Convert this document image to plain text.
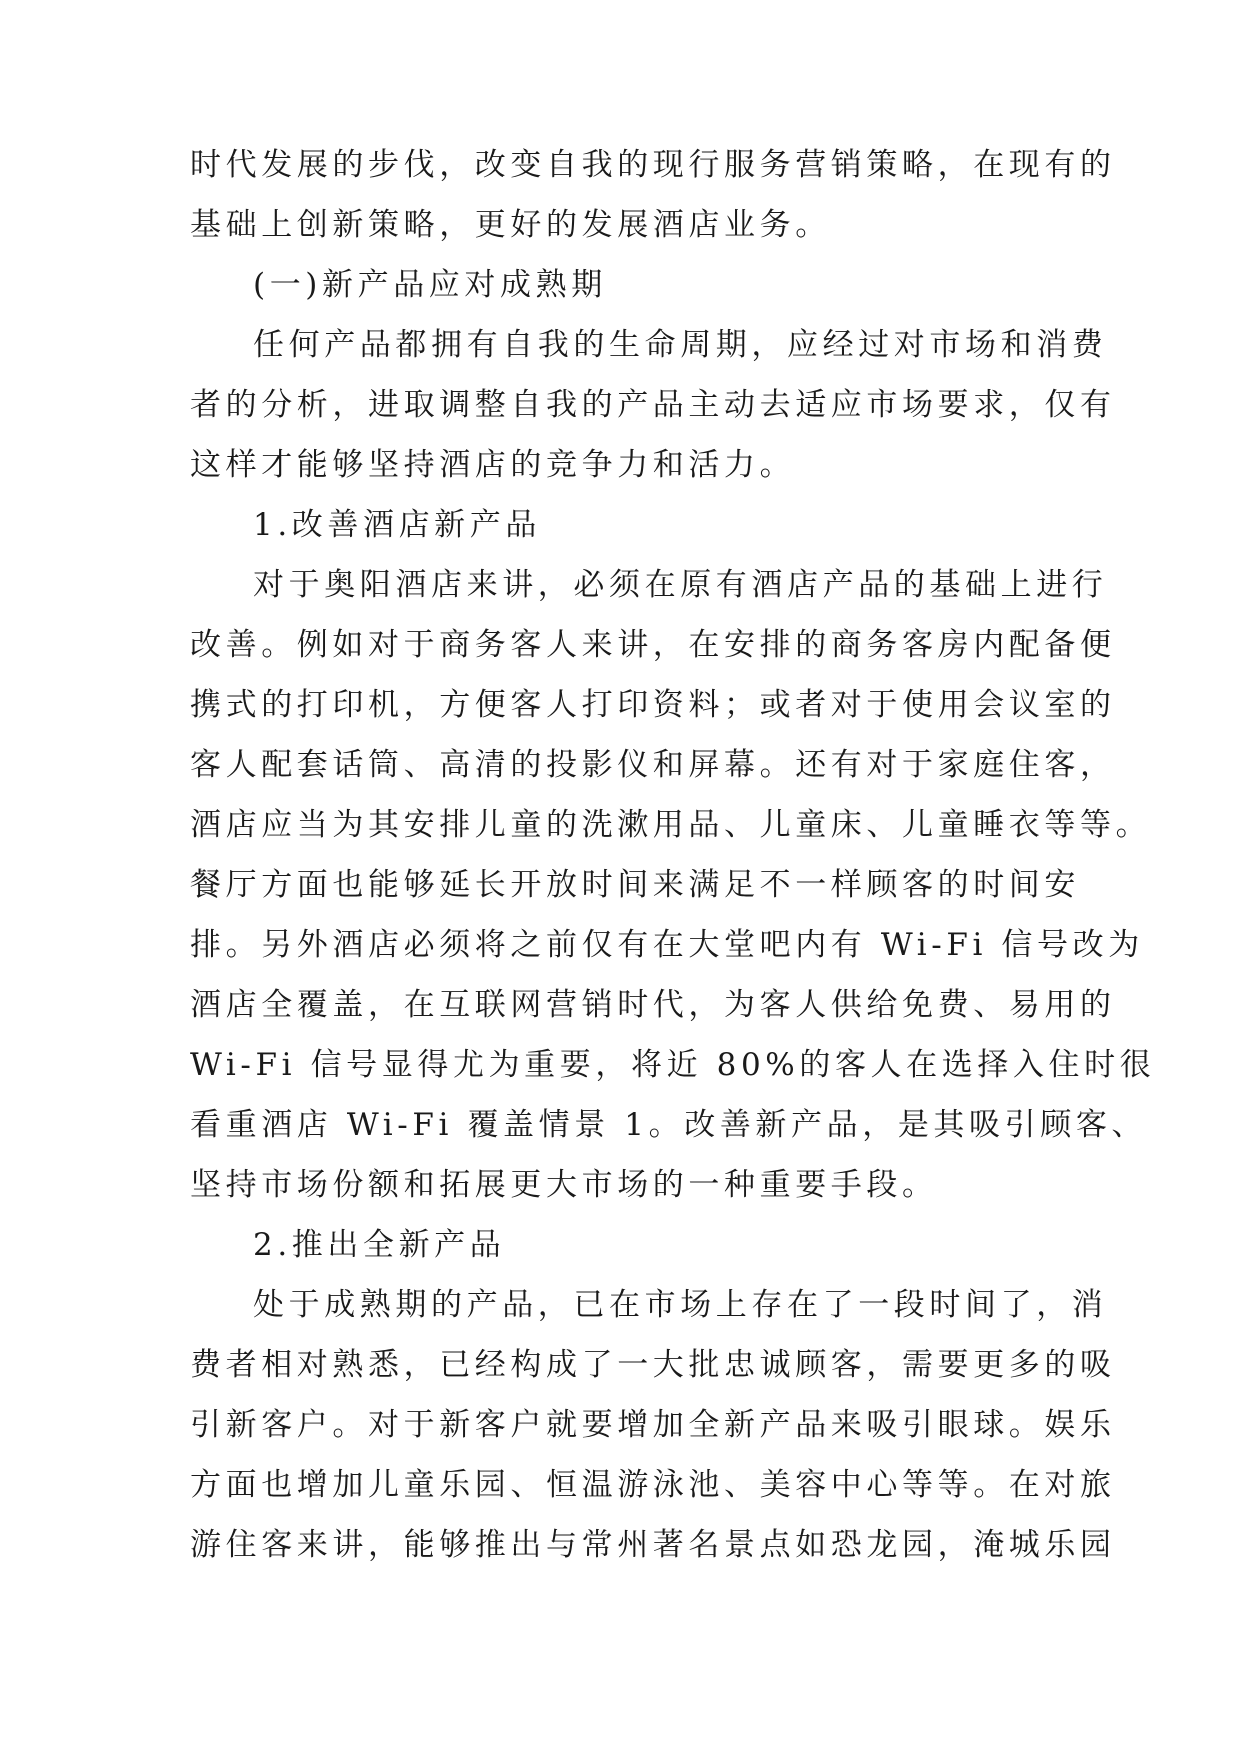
时代发展的步伐，改变自我的现行服务营销策略，在现有的
基础上创新策略，更好的发展酒店业务。
(一)新产品应对成熟期
任何产品都拥有自我的生命周期，应经过对市场和消费
者的分析，进取调整自我的产品主动去适应市场要求，仅有
这样才能够坚持酒店的竞争力和活力。
1.改善酒店新产品
对于奥阳酒店来讲，必须在原有酒店产品的基础上进行
改善。例如对于商务客人来讲，在安排的商务客房内配备便
携式的打印机，方便客人打印资料；或者对于使用会议室的
客人配套话筒、高清的投影仪和屏幕。还有对于家庭住客，
酒店应当为其安排儿童的洗漱用品、儿童床、儿童睡衣等等。
餐厅方面也能够延长开放时间来满足不一样顾客的时间安
排。另外酒店必须将之前仅有在大堂吧内有 Wi-Fi 信号改为
酒店全覆盖，在互联网营销时代，为客人供给免费、易用的
Wi-Fi 信号显得尤为重要，将近 80%的客人在选择入住时很
看重酒店 Wi-Fi 覆盖情景 1。改善新产品，是其吸引顾客、
坚持市场份额和拓展更大市场的一种重要手段。
2.推出全新产品
处于成熟期的产品，已在市场上存在了一段时间了，消
费者相对熟悉，已经构成了一大批忠诚顾客，需要更多的吸
引新客户。对于新客户就要增加全新产品来吸引眼球。娱乐
方面也增加儿童乐园、恒温游泳池、美容中心等等。在对旅
游住客来讲，能够推出与常州著名景点如恐龙园，淹城乐园
